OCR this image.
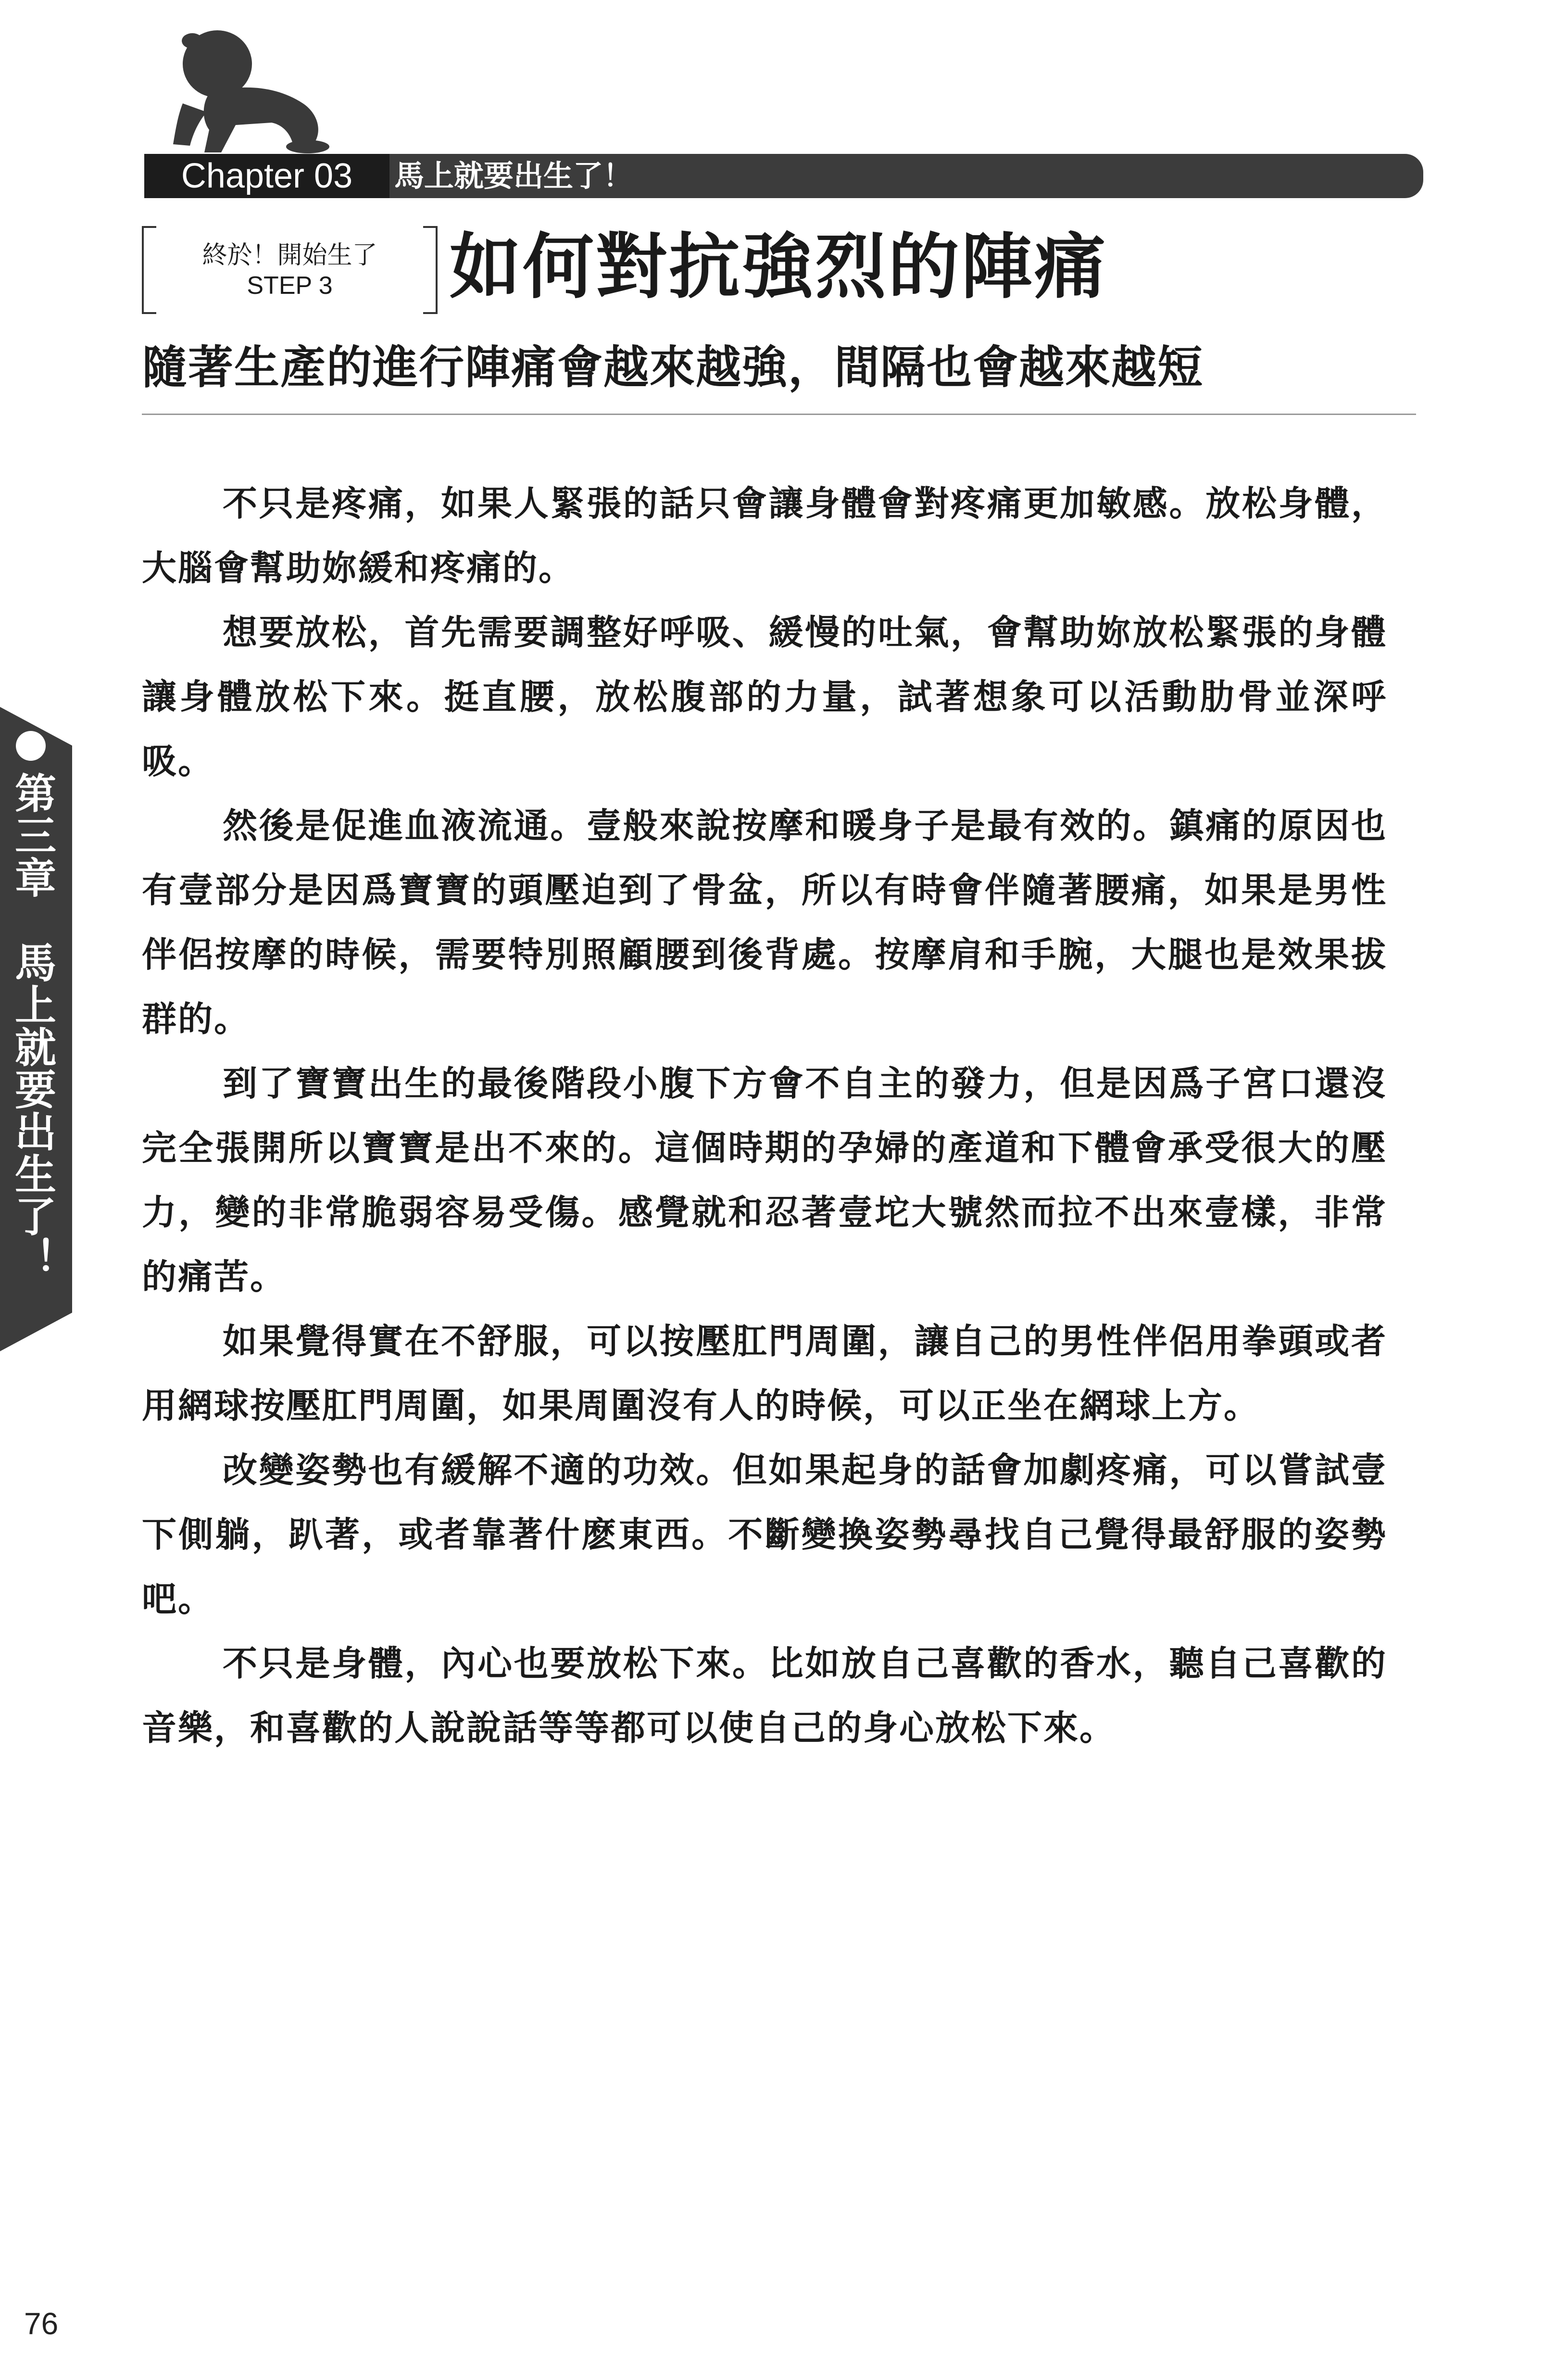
Chapter 03	馬上就要出生了！
終於！開始生了
STEP 3	如何對抗強烈的陣痛
隨著生產的進行陣痛會越來越強，間隔也會越來越短

不只是疼痛，如果人緊張的話只會讓身體會對疼痛更加敏感。放松身體，大腦會幫助妳緩和疼痛的。

想要放松，首先需要調整好呼吸、緩慢的吐氣，會幫助妳放松緊張的身體讓身體放松下來。挺直腰，放松腹部的力量，試著想象可以活動肋骨並深呼吸。

然後是促進血液流通。壹般來說按摩和暖身子是最有效的。鎮痛的原因也有壹部分是因爲寶寶的頭壓迫到了骨盆，所以有時會伴隨著腰痛，如果是男性伴侶按摩的時候，需要特別照顧腰到後背處。按摩肩和手腕，大腿也是效果拔群的。

到了寶寶出生的最後階段小腹下方會不自主的發力，但是因爲子宮口還沒完全張開所以寶寶是出不來的。這個時期的孕婦的產道和下體會承受很大的壓力，變的非常脆弱容易受傷。感覺就和忍著壹坨大號然而拉不出來壹樣，非常的痛苦。

如果覺得實在不舒服，可以按壓肛門周圍，讓自己的男性伴侶用拳頭或者用網球按壓肛門周圍，如果周圍沒有人的時候，可以正坐在網球上方。

改變姿勢也有緩解不適的功效。但如果起身的話會加劇疼痛，可以嘗試壹下側躺，趴著，或者靠著什麽東西。不斷變換姿勢尋找自己覺得最舒服的姿勢吧。

不只是身體，內心也要放松下來。比如放自己喜歡的香水，聽自己喜歡的音樂，和喜歡的人說說話等等都可以使自己的身心放松下來。

第三章　馬上就要出生了！
76
